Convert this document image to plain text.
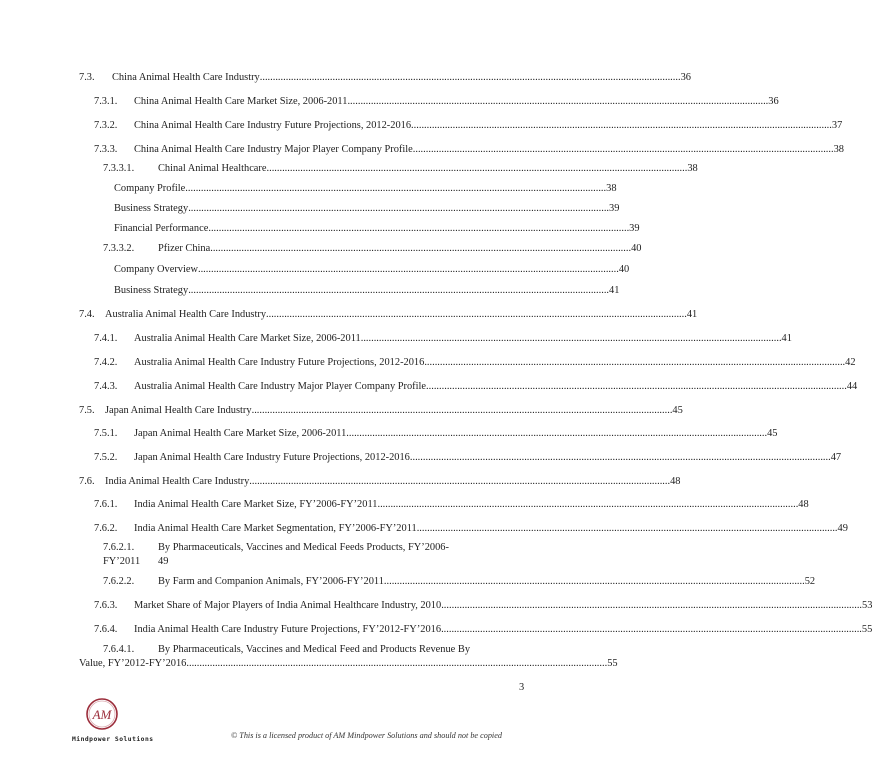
7.3. China Animal Health Care Industry .................................................................................................................................................................. 36
7.3.1. China Animal Health Care Market Size, 2006-2011 .................................................................................................................................................................. 36
7.3.2. China Animal Health Care Industry Future Projections, 2012-2016 .................................................................................................................................................................. 37
7.3.3. China Animal Health Care Industry Major Player Company Profile .................................................................................................................................................................. 38
7.3.3.1. Chinal Animal Healthcare .................................................................................................................................................................. 38
Company Profile .................................................................................................................................................................. 38
Business Strategy .................................................................................................................................................................. 39
Financial Performance .................................................................................................................................................................. 39
7.3.3.2. Pfizer China .................................................................................................................................................................. 40
Company Overview .................................................................................................................................................................. 40
Business Strategy .................................................................................................................................................................. 41
7.4. Australia Animal Health Care Industry .................................................................................................................................................................. 41
7.4.1. Australia Animal Health Care Market Size, 2006-2011 .................................................................................................................................................................. 41
7.4.2. Australia Animal Health Care Industry Future Projections, 2012-2016 .................................................................................................................................................................. 42
7.4.3. Australia Animal Health Care Industry Major Player Company Profile .................................................................................................................................................................. 44
7.5. Japan Animal Health Care Industry .................................................................................................................................................................. 45
7.5.1. Japan Animal Health Care Market Size, 2006-2011 .................................................................................................................................................................. 45
7.5.2. Japan Animal Health Care Industry Future Projections, 2012-2016 .................................................................................................................................................................. 47
7.6. India Animal Health Care Industry .................................................................................................................................................................. 48
7.6.1. India Animal Health Care Market Size, FY’2006-FY’2011 .................................................................................................................................................................. 48
7.6.2. India Animal Health Care Market Segmentation, FY’2006-FY’2011 .................................................................................................................................................................. 49
7.6.2.1. By Pharmaceuticals, Vaccines and Medical Feeds Products, FY’2006-
FY’2011 49
7.6.2.2. By Farm and Companion Animals, FY’2006-FY’2011 .................................................................................................................................................................. 52
7.6.3. Market Share of Major Players of India Animal Healthcare Industry, 2010 .................................................................................................................................................................. 53
7.6.4. India Animal Health Care Industry Future Projections, FY’2012-FY’2016 .................................................................................................................................................................. 55
7.6.4.1. By Pharmaceuticals, Vaccines and Medical Feed and Products Revenue By
Value, FY’2012-FY’2016 .................................................................................................................................................................. 55
3
AM
Mindpower Solutions	© This is a licensed product of AM Mindpower Solutions and should not be copied
